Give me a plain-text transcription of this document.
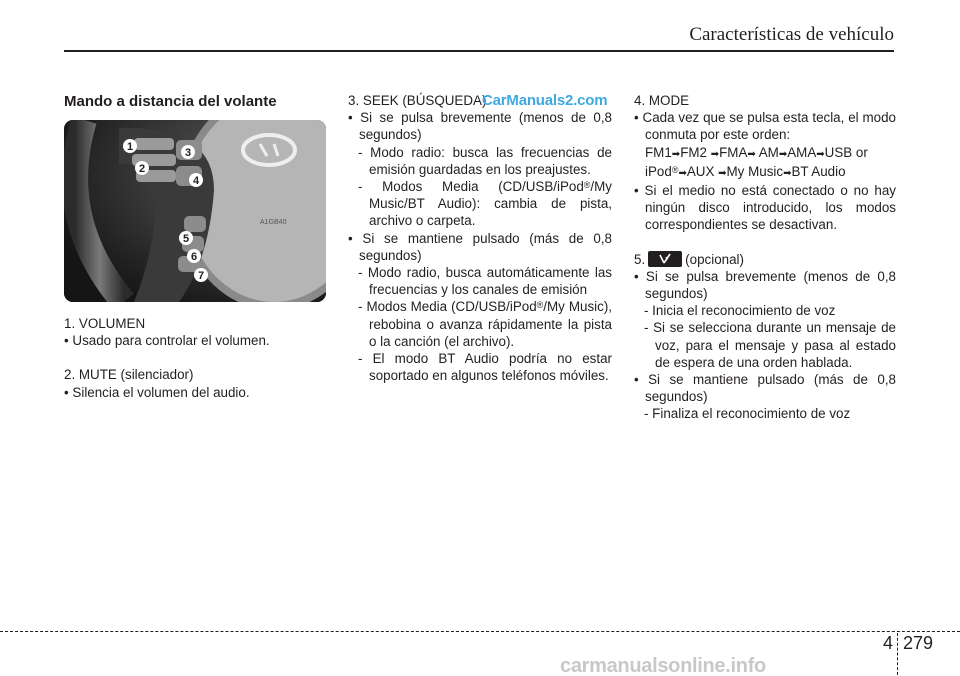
Características de vehículo
Mando a distancia del volante
A1GB40
1
2
3
4
5
6
7

1. VOLUMEN

• Usado para controlar el volumen.

2. MUTE (silenciador)

• Silencia el volumen del audio.

3. SEEK (BÚSQUEDA)

• Si se pulsa brevemente (menos de 0,8 segundos)

- Modo radio: busca las frecuencias de emisión guardadas en los preajustes.

- Modos Media (CD/USB/iPod®/My Music/BT Audio): cambia de pista, archivo o carpeta.

• Si se mantiene pulsado (más de 0,8 segundos)

- Modo radio, busca automáticamente las frecuencias y los canales de emisión

- Modos Media (CD/USB/iPod®/My Music), rebobina o avanza rápidamente la pista o la canción (el archivo).

- El modo BT Audio podría no estar soportado en algunos teléfonos móviles.

4. MODE

• Cada vez que se pulsa esta tecla, el modo conmuta por este orden:

FM1➡FM2 ➡FMA➡ AM➡AMA➡USB or iPod®➡AUX ➡My Music➡BT Audio

• Si el medio no está conectado o no hay ningún disco introducido, los modos correspondientes se desactivan.

5.	(opcional)

• Si se pulsa brevemente (menos de 0,8 segundos)

- Inicia el reconocimiento de voz

- Si se selecciona durante un mensaje de voz, para el mensaje y pasa al estado de espera de una orden hablada.

• Si se mantiene pulsado (más de 0,8 segundos)

- Finaliza el reconocimiento de voz

CarManuals2.com
4 279
carmanualsonline.info
